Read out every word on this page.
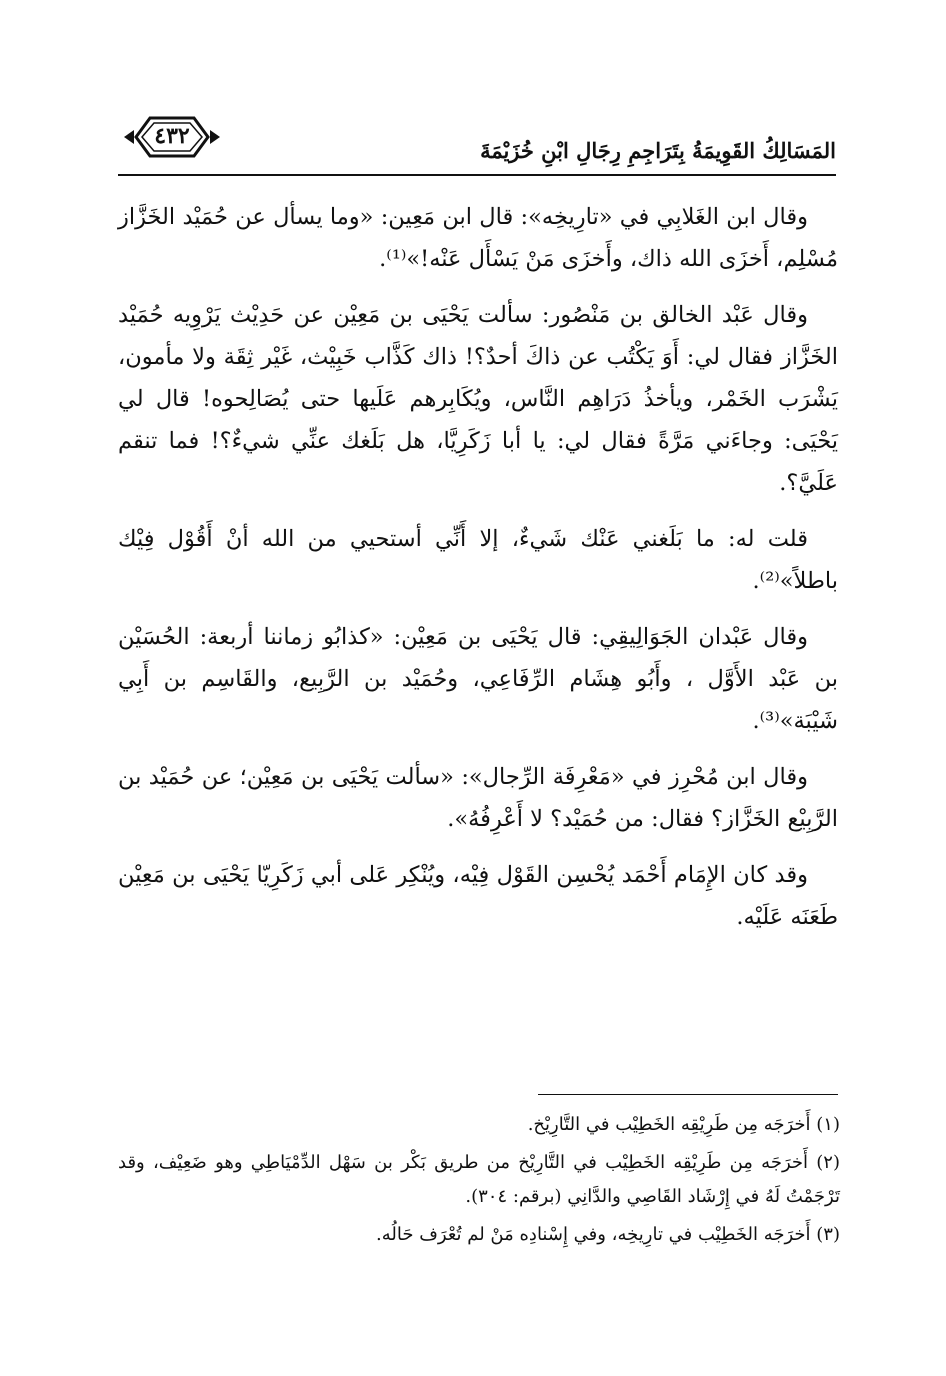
٤٣٢
المَسَالِكُ القَوِيمَةُ بِتَرَاجِمِ رِجَالِ ابْنِ خُزَيْمَةَ

وقال ابن الغَلابِي في «تارِيخِه»: قال ابن مَعِين: «وما يسأل عن حُمَيْد الخَزَّاز مُسْلِم، أَخزَى الله ذاك، وأَخزَى مَنْ يَسْأَل عَنْه!»⁽¹⁾.

وقال عَبْد الخالق بن مَنْصُور: سألت يَحْيَى بن مَعِيْن عن حَدِيْث يَرْوِيه حُمَيْد الخَزَّاز فقال لي: أَوَ يَكْتُب عن ذاكَ أحدٌ؟! ذاك كَذَّاب خَبِيْث، غَيْر ثِقَة ولا مأمون، يَشْرَب الخَمْر، ويأخذُ دَرَاهِم النَّاس، ويُكَابِرهم عَلَيها حتى يُصَالِحوه! قال لي يَحْيَى: وجاءَني مَرَّةً فقال لي: يا أبا زَكَرِيَّا، هل بَلَغك عنِّي شيءٌ؟! فما تنقم عَلَيَّ؟.

قلت له: ما بَلَغني عَنْك شَيءٌ، إلا أَنِّي أستحيي من الله أنْ أَقُوْل فِيْك باطلاً»⁽²⁾.

وقال عَبْدان الجَوَالِيقِي: قال يَحْيَى بن مَعِيْن: «كذابُو زماننا أربعة: الحُسَيْن بن عَبْد الأَوَّل ، وأَبُو هِشَام الرِّفَاعِي، وحُمَيْد بن الرَّبِيع، والقَاسِم بن أَبِي شَيْبَة»⁽³⁾.

وقال ابن مُحْرِز في «مَعْرِفَة الرِّجال»: «سألت يَحْيَى بن مَعِيْن؛ عن حُمَيْد بن الرَّبِيْع الخَزَّاز؟ فقال: من حُمَيْد؟ لا أَعْرِفُهُ».

وقد كان الإِمَام أَحْمَد يُحْسِن القَوْل فِيْه، ويُنْكِر عَلى أبي زَكَرِيّا يَحْيَى بن مَعِيْن طَعَنَه عَلَيْه.

(١) أَخرَجَه مِن طَرِيْقِه الخَطِيْب في التَّارِيْخ.

(٢) أَخرَجَه مِن طَرِيْقِه الخَطِيْب في التَّارِيْخ من طريق بَكْر بن سَهْل الدِّمْيَاطِي وهو ضَعِيْف، وقد تَرْجَمْتُ لَهُ في إِرْشَاد القَاصِي والدَّانِي (برقم: ٣٠٤).

(٣) أَخرَجَه الخَطِيْب في تارِيخِه، وفي إِسْنادِه مَنْ لم تُعْرَف حَالُه.
